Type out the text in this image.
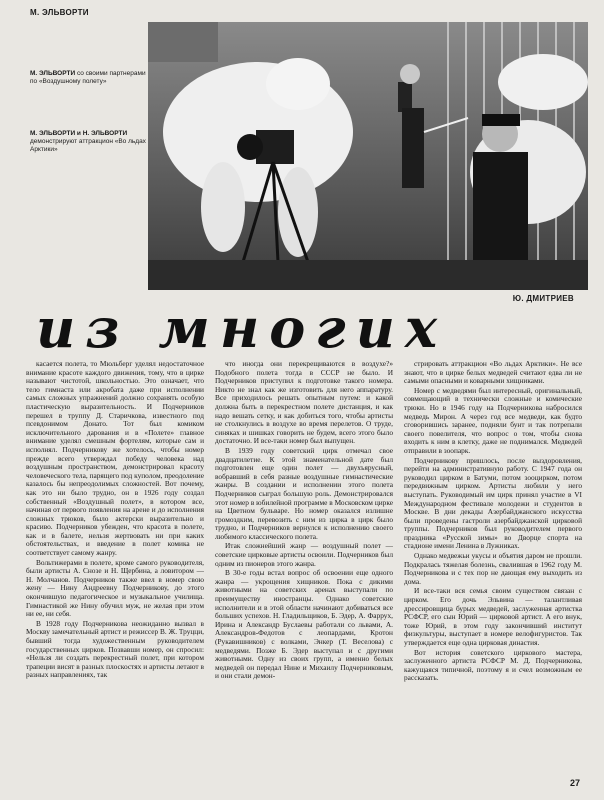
М. ЭЛЬВОРТИ
М. ЭЛЬВОРТИ со своими партнерами по «Воздушному полету»
М. ЭЛЬВОРТИ и Н. ЭЛЬВОРТИ демонстрируют аттракцион «Во льдах Арктики»
Ю. ДМИТРИЕВ
из многих

касается полета, то Мюльберг уделял недостаточное внимание красоте каждого движения, тому, что в цирке называют чистотой, школьностью. Это означает, что тело гимнаста или акробата даже при исполнении самых сложных упражнений должно сохранять особую пластическую выразительность. И Подчерников перешел в труппу Д. Старичкова, известного под псевдонимом Донато. Тот был комиком исключительного дарования и в «Полете» главное внимание уделял смешным фортелям, которые сам и исполнял. Подчерникову же хотелось, чтобы номер прежде всего утверждал победу человека над воздушным пространством, демонстрировал красоту человеческого тела, парящего под куполом, преодоление казалось бы непреодолимых сложностей. Вот почему, как это ни было трудно, он в 1926 году создал собственный «Воздушный полет», в котором все, начиная от первого появления на арене и до исполнения сложных трюков, было актерски выразительно и красиво. Подчерников убежден, что красота в полете, как и в балете, нельзя жертвовать ни при каких обстоятельствах, и введение в полет комика не соответствует самому жанру.

Вольтижерами в полете, кроме самого руководителя, были артисты А. Снозе и Н. Щербина, а ловитором — Н. Молчанов. Подчерников также ввел в номер свою жену — Нину Андреевну Подчерникову, до этого окончившую педагогическое и музыкальное училища. Гимнастикой же Нину обучил муж, не желая при этом ни ее, ни себя.

В 1928 году Подчерникова неожиданно вызвал в Москву замечательный артист и режиссер В. Ж. Труцци, бывший тогда художественным руководителем государственных цирков. Позвавши номер, он спросил: «Нельзя ли создать перекрестный полет, при котором трапеции висят в разных плоскостях и артисты летают в разных направлениях, так

что иногда они перекрещиваются в воздухе?» Подобного полета тогда в СССР не было. И Подчерников приступил к подготовке такого номера. Никто не знал как же изготовить для него аппаратуру. Все приходилось решать опытным путем: и какой должна быть в перекрестном полете дистанция, и как надо вешать сетку, и как добиться того, чтобы артисты не столкнулись в воздухе во время перелетов. О труде, синяках и шишках говорить не будем, всего этого было достаточно. И все-таки номер был выпущен.

В 1939 году советский цирк отмечал свое двадцатилетие. К этой знаменательной дате был подготовлен еще один полет — двухъярусный, вобравший в себя разные воздушные гимнастические жанры. В создании и исполнении этого полета Подчерников сыграл большую роль. Демонстрировался этот номер в юбилейной программе в Московском цирке на Цветном бульваре. Но номер оказался излишне громоздким, перевозить с ним из цирка в цирк было трудно, и Подчерников вернулся к исполнению своего любимого классического полета.

Итак сложнейший жанр — воздушный полет — советские цирковые артисты освоили. Подчерников был одним из пионеров этого жанра.

В 30-е годы встал вопрос об освоении еще одного жанра — укрощения хищников. Пока с дикими животными на советских аренах выступали по преимуществу иностранцы. Однако советские исполнители и в этой области начинают добиваться все больших успехов. Н. Гладильщиков, Б. Эдер, А. Фаррух, Ирина и Александр Буслаевы работали со львами, А. Александров-Федотов с леопардами, Кротон (Рукавишников) с волками, Энкер (Т. Веселова) с медведями. Позже Б. Эдер выступал и с другими животными. Одну из своих групп, а именно белых медведей он передал Нине и Михаилу Подчерниковым, и они стали демон-

стрировать аттракцион «Во льдах Арктики». Не все знают, что в цирке белых медведей считают едва ли не самыми опасными и коварными хищниками.

Номер с медведями был интересный, оригинальный, совмещающий в технически сложные и комические трюки. Но в 1946 году на Подчерникова набросился медведь Мирон. А через год все медведи, как будто сговорившись заранее, подняли бунт и так потрепали своего повелителя, что вопрос о том, чтобы снова входить к ним в клетку, даже не поднимался. Медведей отправили в зоопарк.

Подчерникову пришлось, после выздоровления, перейти на административную работу. С 1947 года он руководил цирком в Батуми, потом зооцирком, потом передвижным цирком. Артисты любили у него выступать. Руководимый им цирк принял участие в VI Международном фестивале молодежи и студентов в Москве. В дни декады Азербайджанского искусства были проведены гастроли азербайджанской цирковой труппы. Подчерников был руководителем первого праздника «Русской зимы» во Дворце спорта на стадионе имени Ленина в Лужниках.

Однако медвежьи укусы и объятия даром не прошли. Подкралась тяжелая болезнь, свалившая в 1962 году М. Подчерникова и с тех пор не дающая ему выходить из дома.

И все-таки вся семья своим существом связан с цирком. Его дочь Эльвина — талантливая дрессировщица бурых медведей, заслуженная артистка РСФСР, его сын Юрий — цирковой артист. А его внук, тоже Юрий, в этом году закончивший институт физкультуры, выступает в номере велофигуристов. Так утверждается еще одна цирковая династия.

Вот история советского циркового мастера, заслуженного артиста РСФСР М. Д. Подчерникова, кажущаяся типичной, поэтому я и счел возможным ее рассказать.

27
